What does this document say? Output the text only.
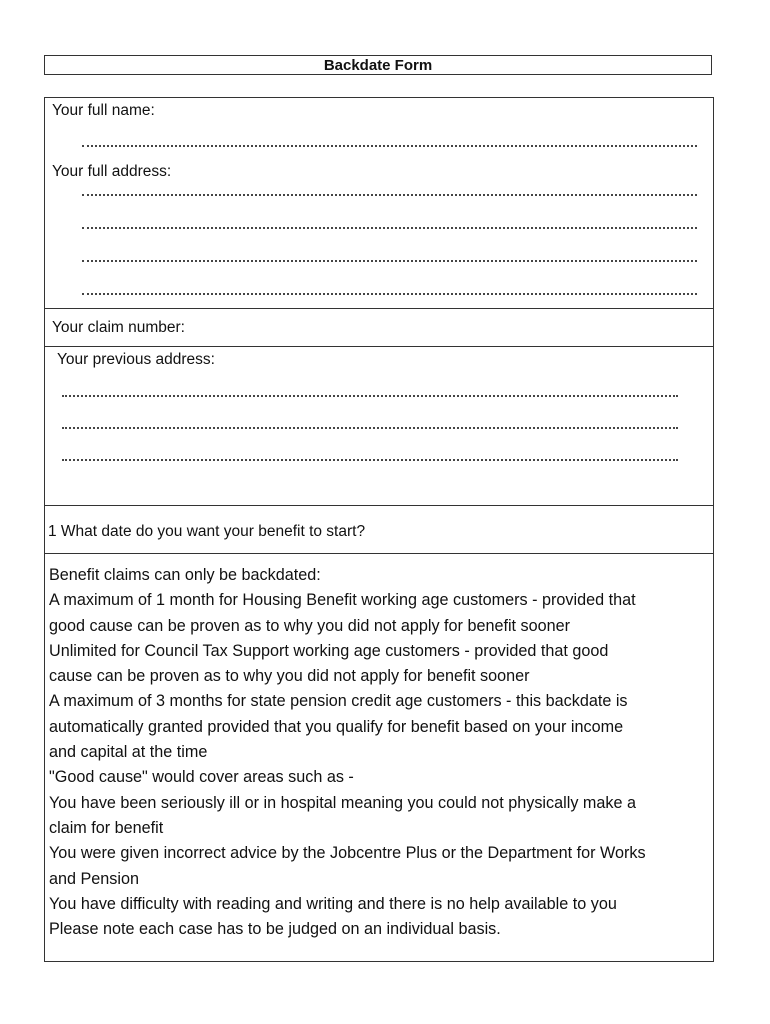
Backdate Form
Your full name:
Your full address:
Your claim number:
Your previous address:
1 What date do you want your benefit to start?
Benefit claims can only be backdated:
A maximum of 1 month for Housing Benefit working age customers - provided that
good cause can be proven as to why you did not apply for benefit sooner
Unlimited for Council Tax Support working age customers - provided that good
cause can be proven as to why you did not apply for benefit sooner
A maximum of 3 months for state pension credit age customers - this backdate is
automatically granted provided that you qualify for benefit based on your income
and capital at the time
"Good cause" would cover areas such as -
You have been seriously ill or in hospital meaning you could not physically make a
claim for benefit
You were given incorrect advice by the Jobcentre Plus or the Department for Works
and Pension
You have difficulty with reading and writing and there is no help available to you
Please note each case has to be judged on an individual basis.
